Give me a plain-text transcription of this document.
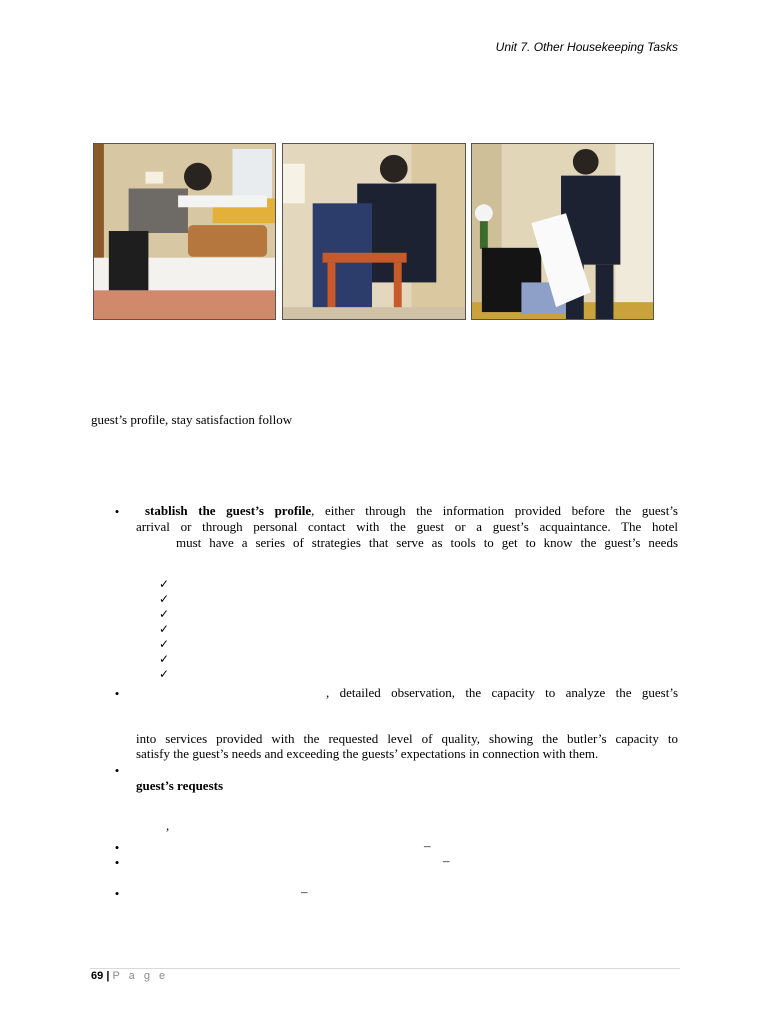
Unit 7. Other Housekeeping Tasks
guest’s profile, stay satisfaction follow
• stablish the guest’s profile, either through the information provided before the guest’s
arrival or through personal contact with the guest or a guest’s acquaintance. The hotel
must have a series of strategies that serve as tools to get to know the guest’s needs
✓
✓
✓
✓
✓
✓
✓
•	, detailed observation, the capacity to analyze the guest’s
into services provided with the requested level of quality, showing the butler’s capacity to
satisfy the guest’s needs and exceeding the guests’ expectations in connection with them.
•
guest’s requests
,
•	–
•	–
•	–
69 | P a g e
